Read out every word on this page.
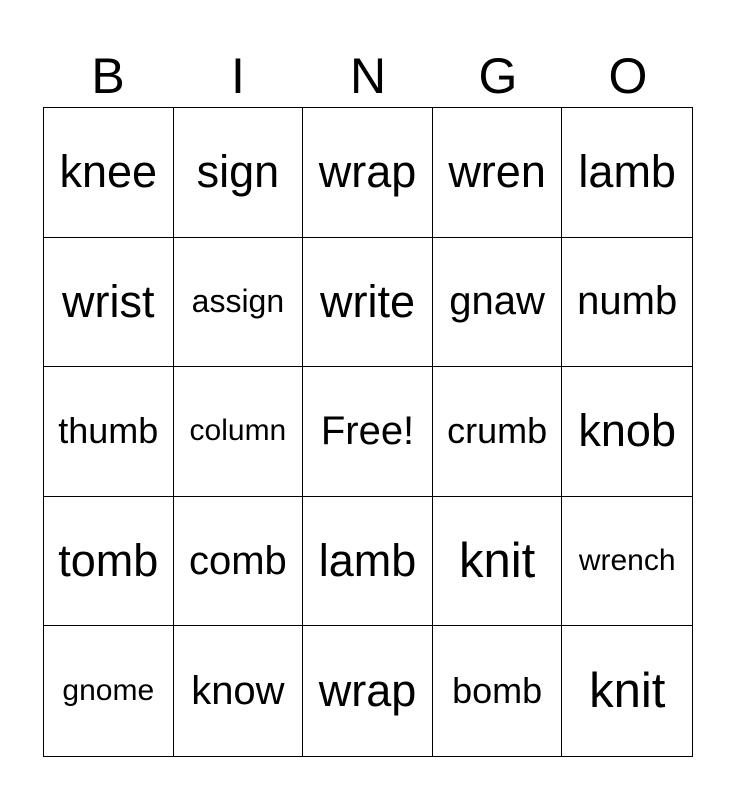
B	I	N	G	O
knee sign wrap wren lamb
wrist	assign write gnaw numb
thumb	column Free! crumb knob
tomb comb lamb knit	wrench
gnome know wrap bomb knit
